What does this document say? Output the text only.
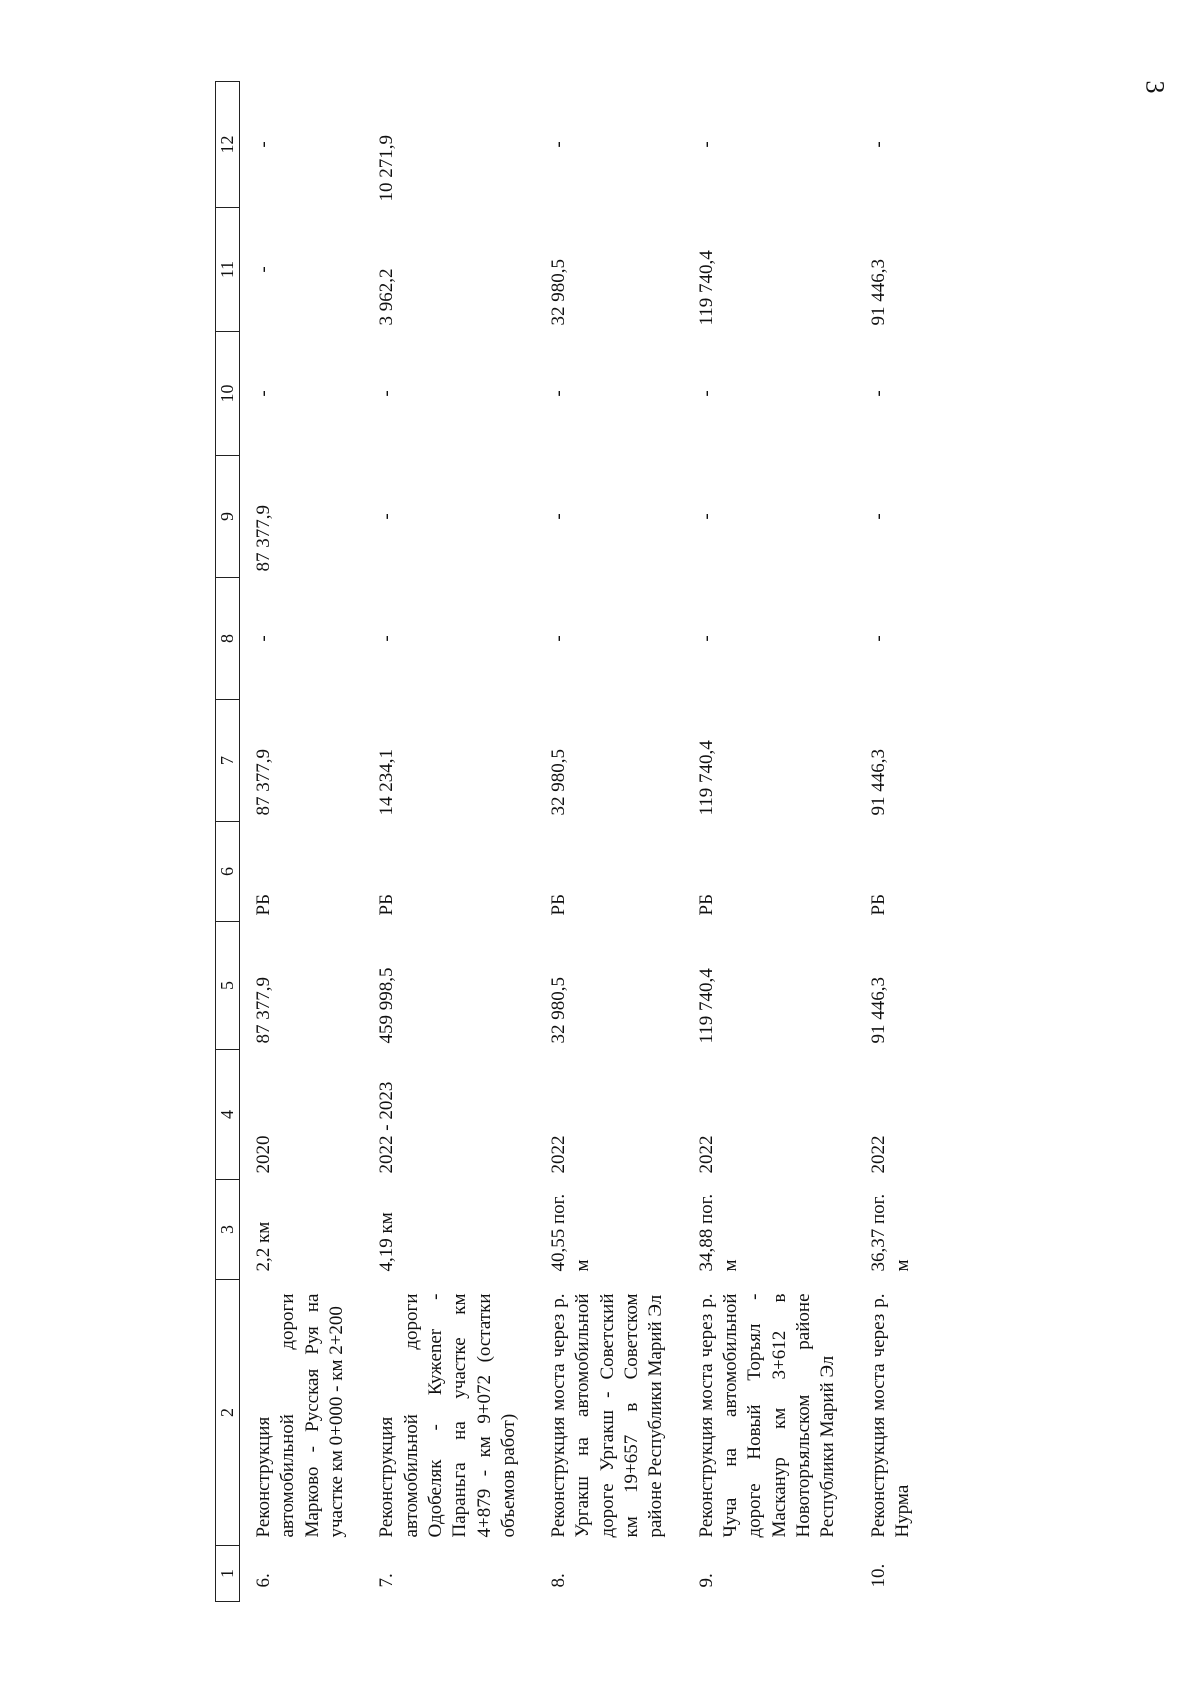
3
1	2	3	4	5	6	7	8	9	10	11	12
6.	Реконструкция автомобильной дороги Марково - Русская Руя на участке км 0+000 - км 2+200	2,2 км	2020	87 377,9	РБ	87 377,9	-	87 377,9	-	-	-
7.	Реконструкция автомобильной дороги Одобеляк - Кужener - Параньга на участке км 4+879 - км 9+072 (остатки объемов работ)	4,19 км	2022 - 2023	459 998,5	РБ	14 234,1	-	-	-	3 962,2	10 271,9
8.	Реконструкция моста через р. Ургакш на автомобильной дороге Ургакш - Советский км 19+657 в Советском районе Республики Марий Эл	40,55 пог. м	2022	32 980,5	РБ	32 980,5	-	-	-	32 980,5	-
9.	Реконструкция моста через р. Чуча на автомобильной дороге Новый Торъял - Масканур км 3+612 в Новоторъяльском районе Республики Марий Эл	34,88 пог. м	2022	119 740,4	РБ	119 740,4	-	-	-	119 740,4	-
10.	Реконструкция моста через р. Нурма	36,37 пог. м	2022	91 446,3	РБ	91 446,3	-	-	-	91 446,3	-
